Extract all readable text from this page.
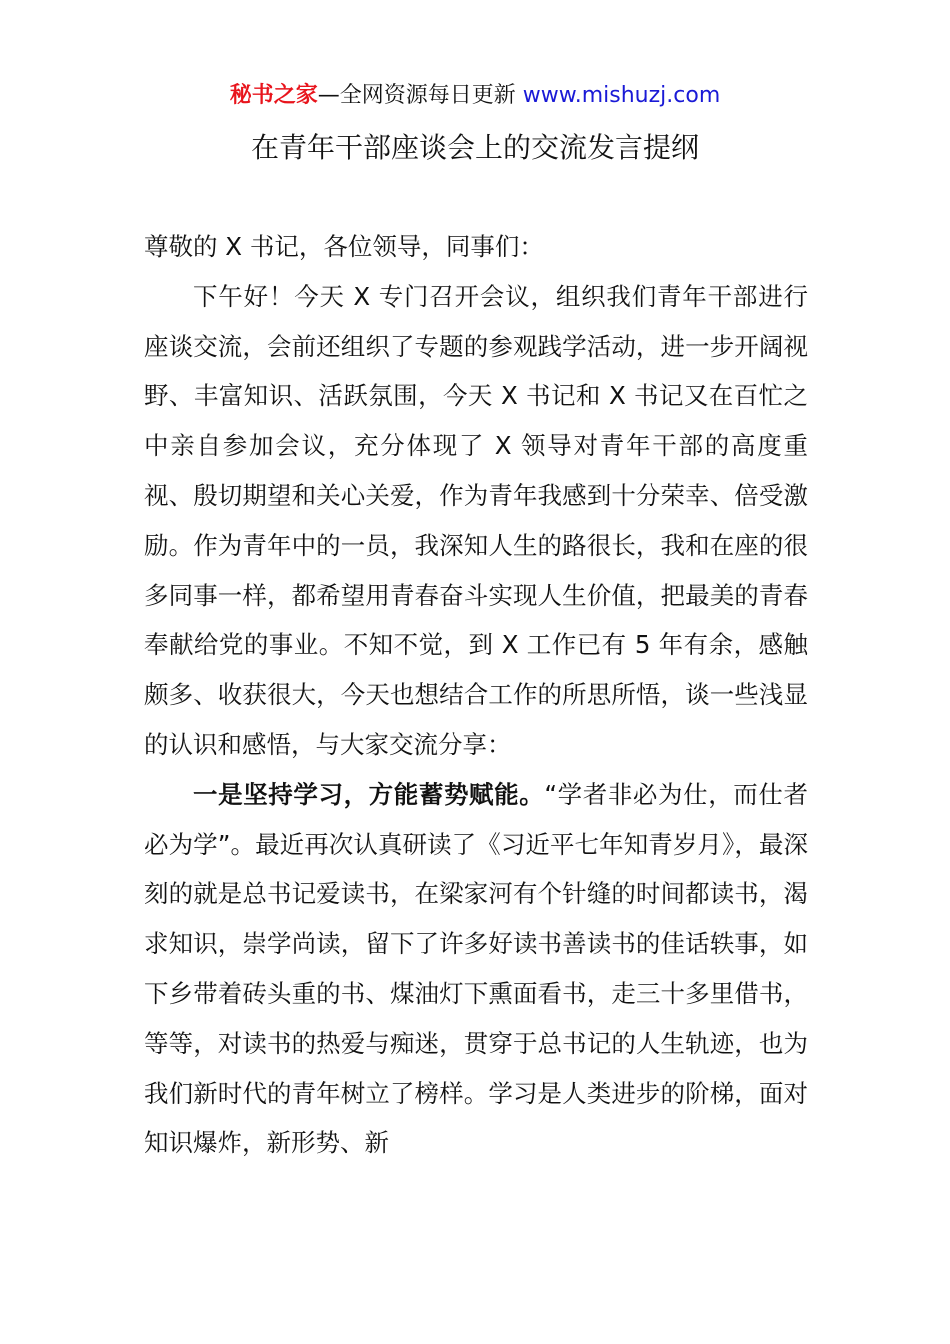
秘书之家—全网资源每日更新 www.mishuzj.com
在青年干部座谈会上的交流发言提纲

尊敬的 X 书记，各位领导，同事们：

下午好！今天 X 专门召开会议，组织我们青年干部进行座谈交流，会前还组织了专题的参观践学活动，进一步开阔视野、丰富知识、活跃氛围，今天 X 书记和 X 书记又在百忙之中亲自参加会议，充分体现了 X 领导对青年干部的高度重视、殷切期望和关心关爱，作为青年我感到十分荣幸、倍受激励。作为青年中的一员，我深知人生的路很长，我和在座的很多同事一样，都希望用青春奋斗实现人生价值，把最美的青春奉献给党的事业。不知不觉，到 X 工作已有 5 年有余，感触颇多、收获很大，今天也想结合工作的所思所悟，谈一些浅显的认识和感悟，与大家交流分享：

一是坚持学习，方能蓄势赋能。“学者非必为仕，而仕者必为学”。最近再次认真研读了《习近平七年知青岁月》，最深刻的就是总书记爱读书，在梁家河有个针缝的时间都读书，渴求知识，崇学尚读，留下了许多好读书善读书的佳话轶事，如下乡带着砖头重的书、煤油灯下熏面看书，走三十多里借书，等等，对读书的热爱与痴迷，贯穿于总书记的人生轨迹，也为我们新时代的青年树立了榜样。学习是人类进步的阶梯，面对知识爆炸，新形势、新
